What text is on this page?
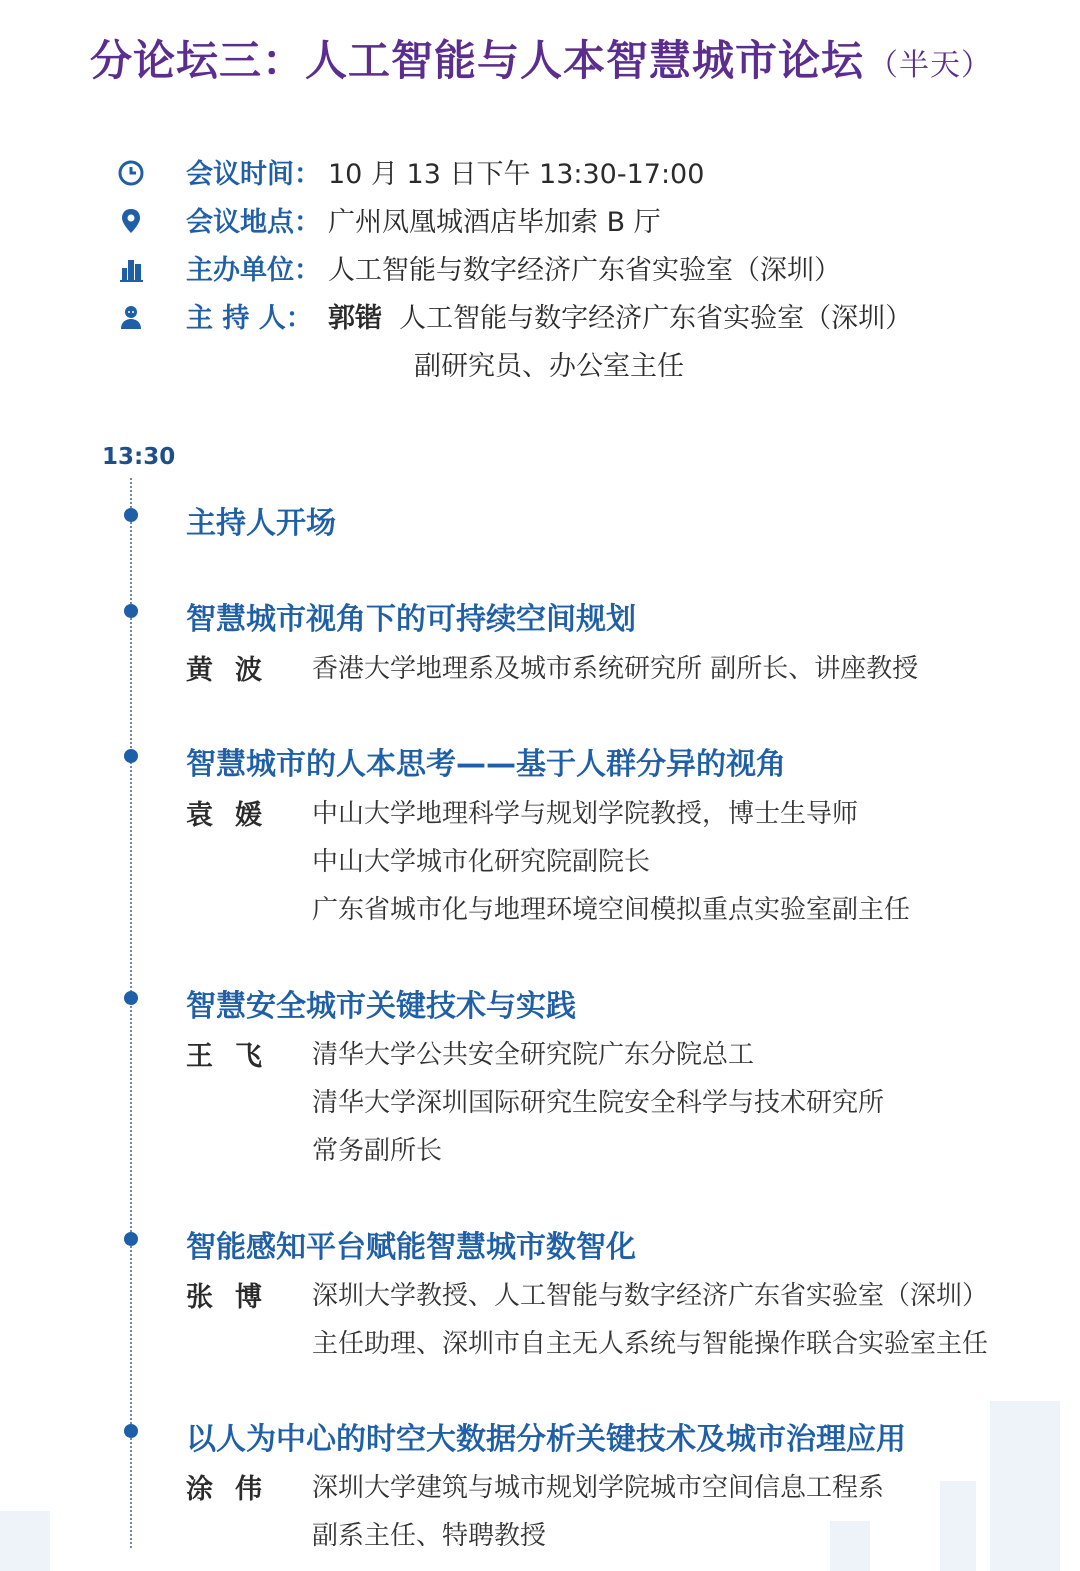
分论坛三：人工智能与人本智慧城市论坛 （半天）
会议时间： 10 月 13 日下午 13:30-17:00
会议地点： 广州凤凰城酒店毕加索 B 厅
主办单位： 人工智能与数字经济广东省实验室（深圳）
主 持 人： 郭锴 人工智能与数字经济广东省实验室（深圳）
副研究员、办公室主任
13:30
主持人开场
智慧城市视角下的可持续空间规划
黄波 香港大学地理系及城市系统研究所 副所长、讲座教授
智慧城市的人本思考——基于人群分异的视角
袁媛 中山大学地理科学与规划学院教授，博士生导师
中山大学城市化研究院副院长
广东省城市化与地理环境空间模拟重点实验室副主任
智慧安全城市关键技术与实践
王飞 清华大学公共安全研究院广东分院总工
清华大学深圳国际研究生院安全科学与技术研究所
常务副所长
智能感知平台赋能智慧城市数智化
张博 深圳大学教授、人工智能与数字经济广东省实验室（深圳）
主任助理、深圳市自主无人系统与智能操作联合实验室主任
以人为中心的时空大数据分析关键技术及城市治理应用
涂伟 深圳大学建筑与城市规划学院城市空间信息工程系
副系主任、特聘教授
